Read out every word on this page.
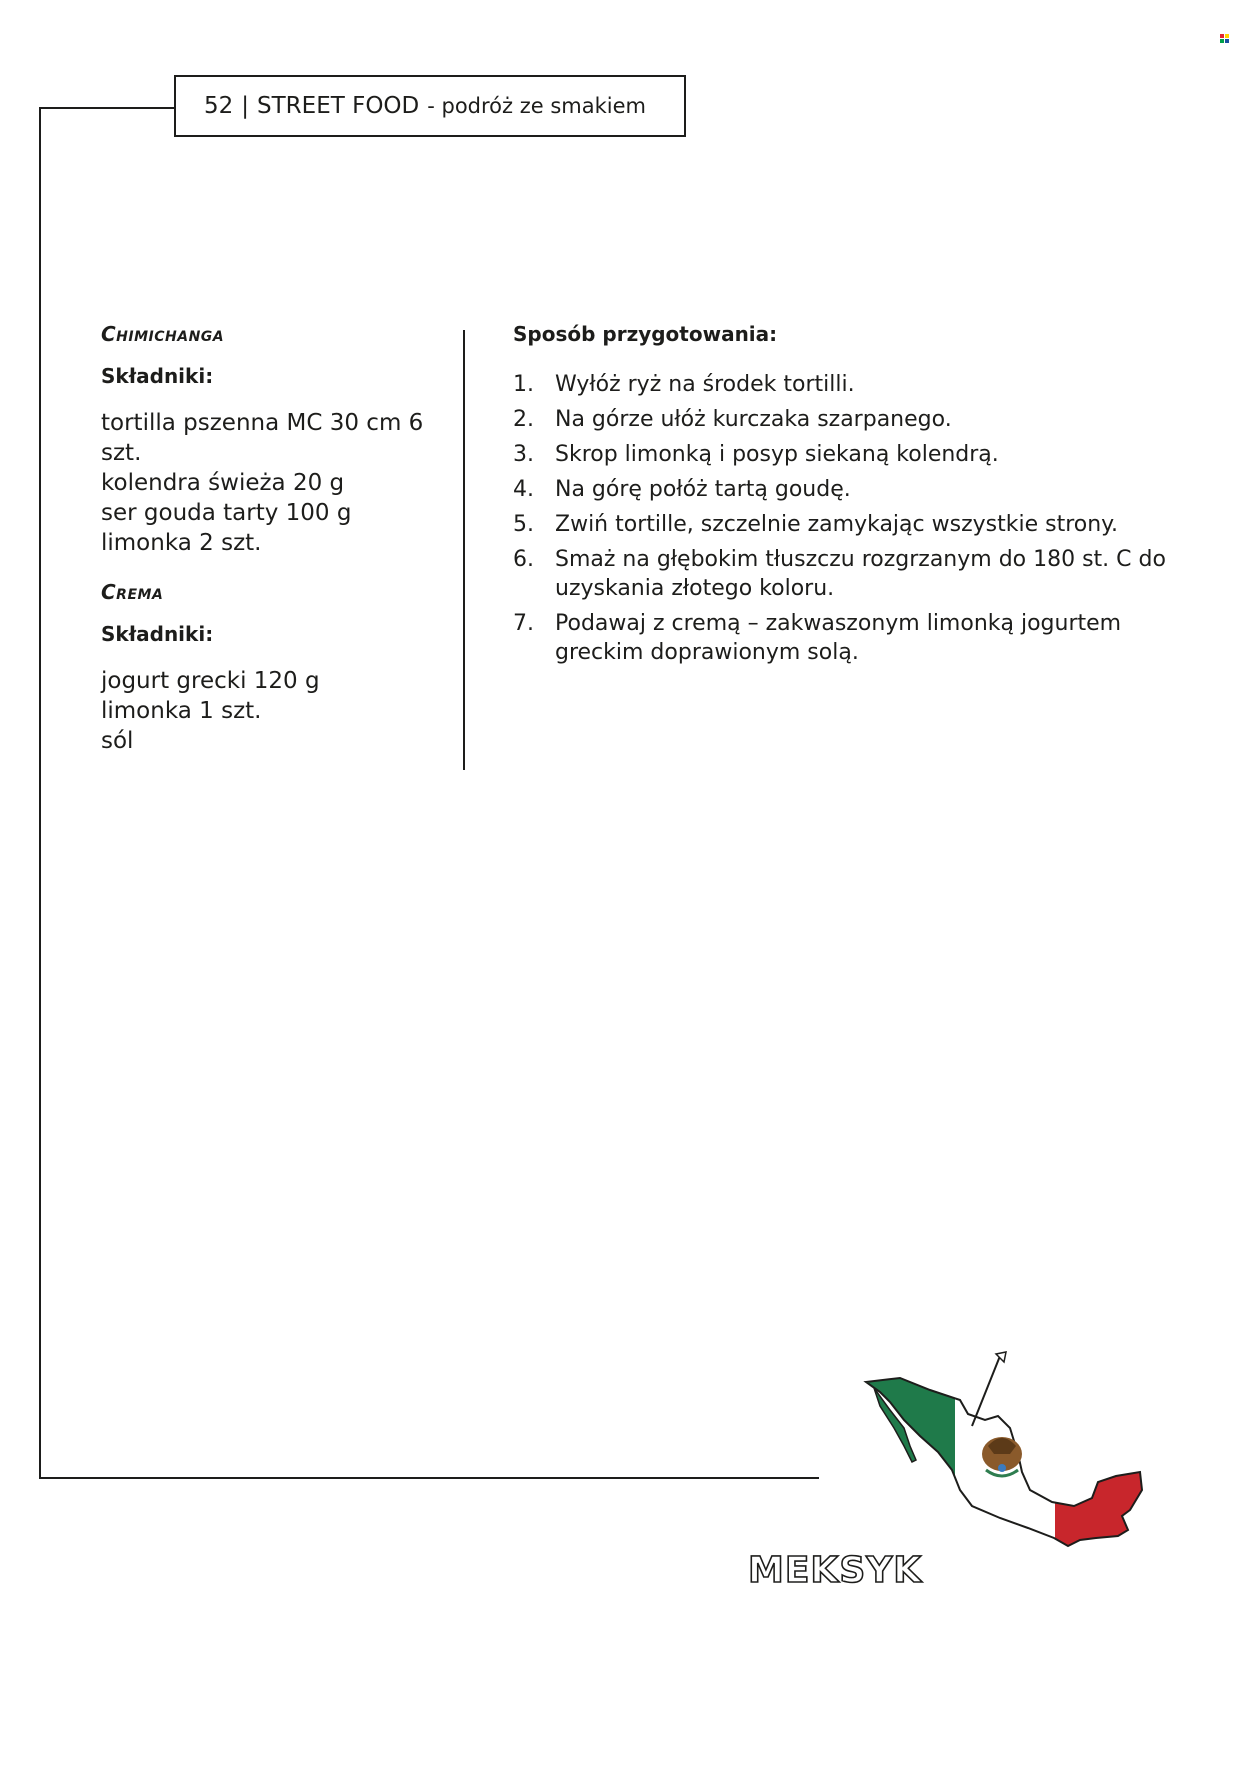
52 | STREET FOOD - podróż ze smakiem
Chimichanga
Składniki:
tortilla pszenna MC 30 cm 6 szt.
kolendra świeża 20 g
ser gouda tarty 100 g
limonka 2 szt.
Crema
Składniki:
jogurt grecki 120 g
limonka 1 szt.
sól
Sposób przygotowania:
1. Wyłóż ryż na środek tortilli.
2. Na górze ułóż kurczaka szarpanego.
3. Skrop limonką i posyp siekaną kolendrą.
4. Na górę połóż tartą goudę.
5. Zwiń tortille, szczelnie zamykając wszystkie strony.
6. Smaż na głębokim tłuszczu rozgrzanym do 180 st. C do uzyskania złotego koloru.
7. Podawaj z cremą – zakwaszonym limonką jogurtem greckim doprawionym solą.
MEKSYK
